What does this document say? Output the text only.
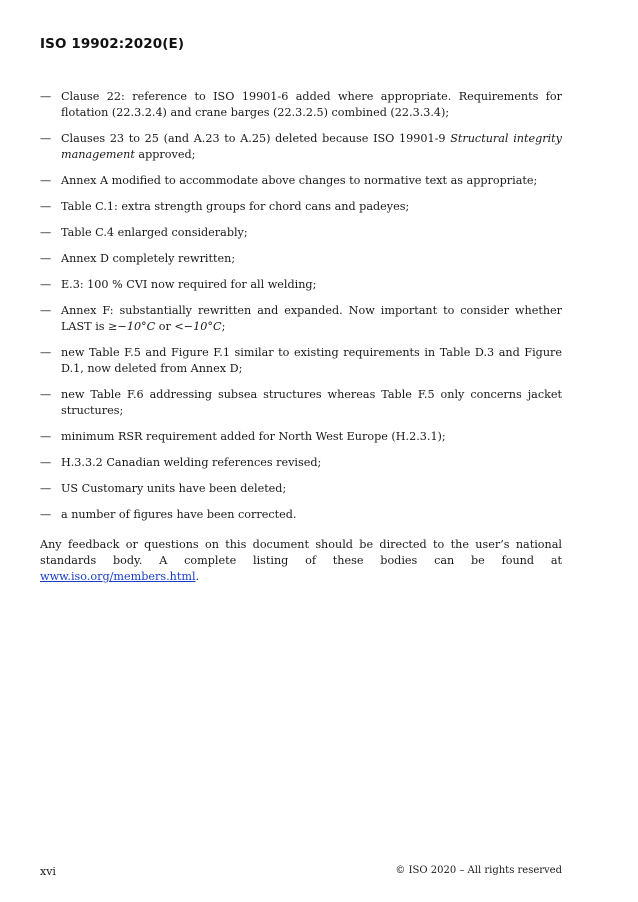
ISO 19902:2020(E)
— Clause 22: reference to ISO 19901-6 added where appropriate. Requirements for flotation (22.3.2.4) and crane barges (22.3.2.5) combined (22.3.3.4);
— Clauses 23 to 25 (and A.23 to A.25) deleted because ISO 19901-9 Structural integrity management approved;
— Annex A modified to accommodate above changes to normative text as appropriate;
— Table C.1: extra strength groups for chord cans and padeyes;
— Table C.4 enlarged considerably;
— Annex D completely rewritten;
— E.3: 100 % CVI now required for all welding;
— Annex F: substantially rewritten and expanded. Now important to consider whether LAST is ≥−10°C or <−10°C;
— new Table F.5 and Figure F.1 similar to existing requirements in Table D.3 and Figure D.1, now deleted from Annex D;
— new Table F.6 addressing subsea structures whereas Table F.5 only concerns jacket structures;
— minimum RSR requirement added for North West Europe (H.2.3.1);
— H.3.3.2 Canadian welding references revised;
— US Customary units have been deleted;
— a number of figures have been corrected.

Any feedback or questions on this document should be directed to the user’s national standards body. A complete listing of these bodies can be found at www.iso.org/members.html.

xvi	© ISO 2020 – All rights reserved
